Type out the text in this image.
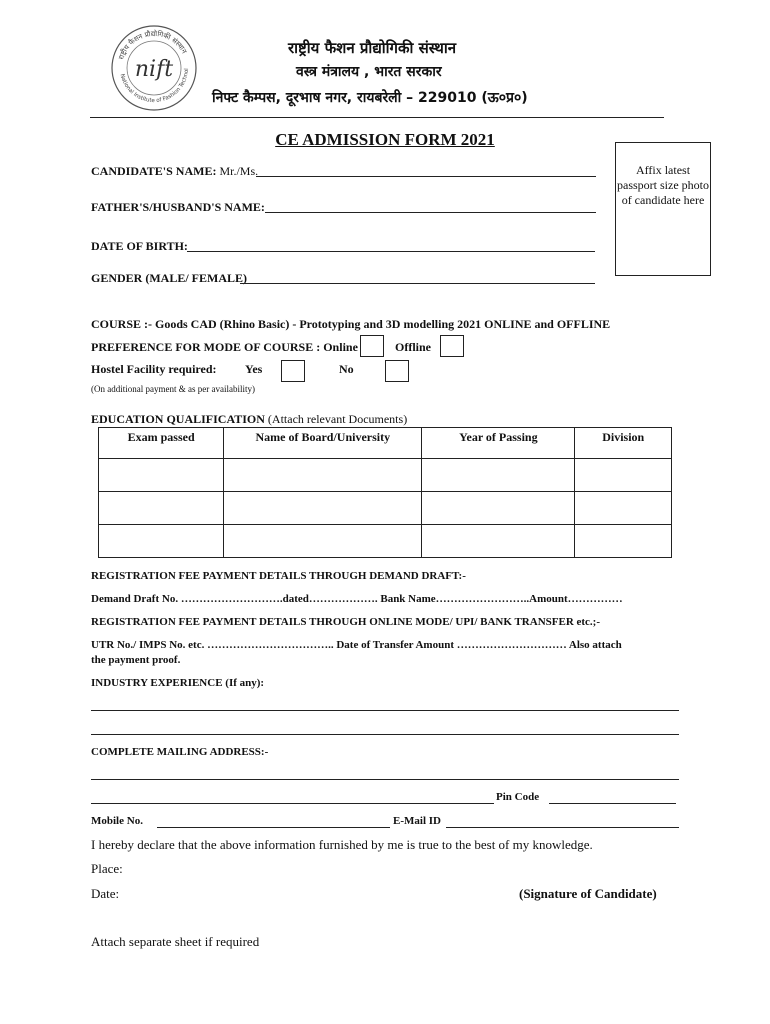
राष्ट्रीय फैशन प्रौद्योगिकी संस्थान
National Institute of Fashion Technol
nift
राष्ट्रीय फैशन प्रौद्योगिकी संस्थान
वस्त्र मंत्रालय , भारत सरकार
निफ्ट कैम्पस, दूरभाष नगर, रायबरेली – 229010 (ऊ०प्र०)
CE ADMISSION FORM 2021
Affix latest passport size photo of candidate here
CANDIDATE'S NAME: Mr./Ms.
FATHER'S/HUSBAND'S NAME:
DATE OF BIRTH:
GENDER (MALE/ FEMALE)
COURSE :- Goods CAD (Rhino Basic) - Prototyping and 3D modelling 2021 ONLINE and OFFLINE
PREFERENCE FOR MODE OF COURSE : Online	Offline
Hostel Facility required: Yes	No
(On additional payment & as per availability)
EDUCATION QUALIFICATION (Attach relevant Documents)
Exam passed	Name of Board/University	Year of Passing	Division

REGISTRATION FEE PAYMENT DETAILS THROUGH DEMAND DRAFT:-
Demand Draft No. ……………………….dated………………. Bank Name……………………..Amount……………
REGISTRATION FEE PAYMENT DETAILS THROUGH ONLINE MODE/ UPI/ BANK TRANSFER etc.;-
UTR No./ IMPS No. etc. …………………………….. Date of Transfer Amount ………………………… Also attach
the payment proof.
INDUSTRY EXPERIENCE (If any):
COMPLETE MAILING ADDRESS:-
Pin Code
Mobile No.	E-Mail ID
I hereby declare that the above information furnished by me is true to the best of my knowledge.
Place:
Date:	(Signature of Candidate)
Attach separate sheet if required
